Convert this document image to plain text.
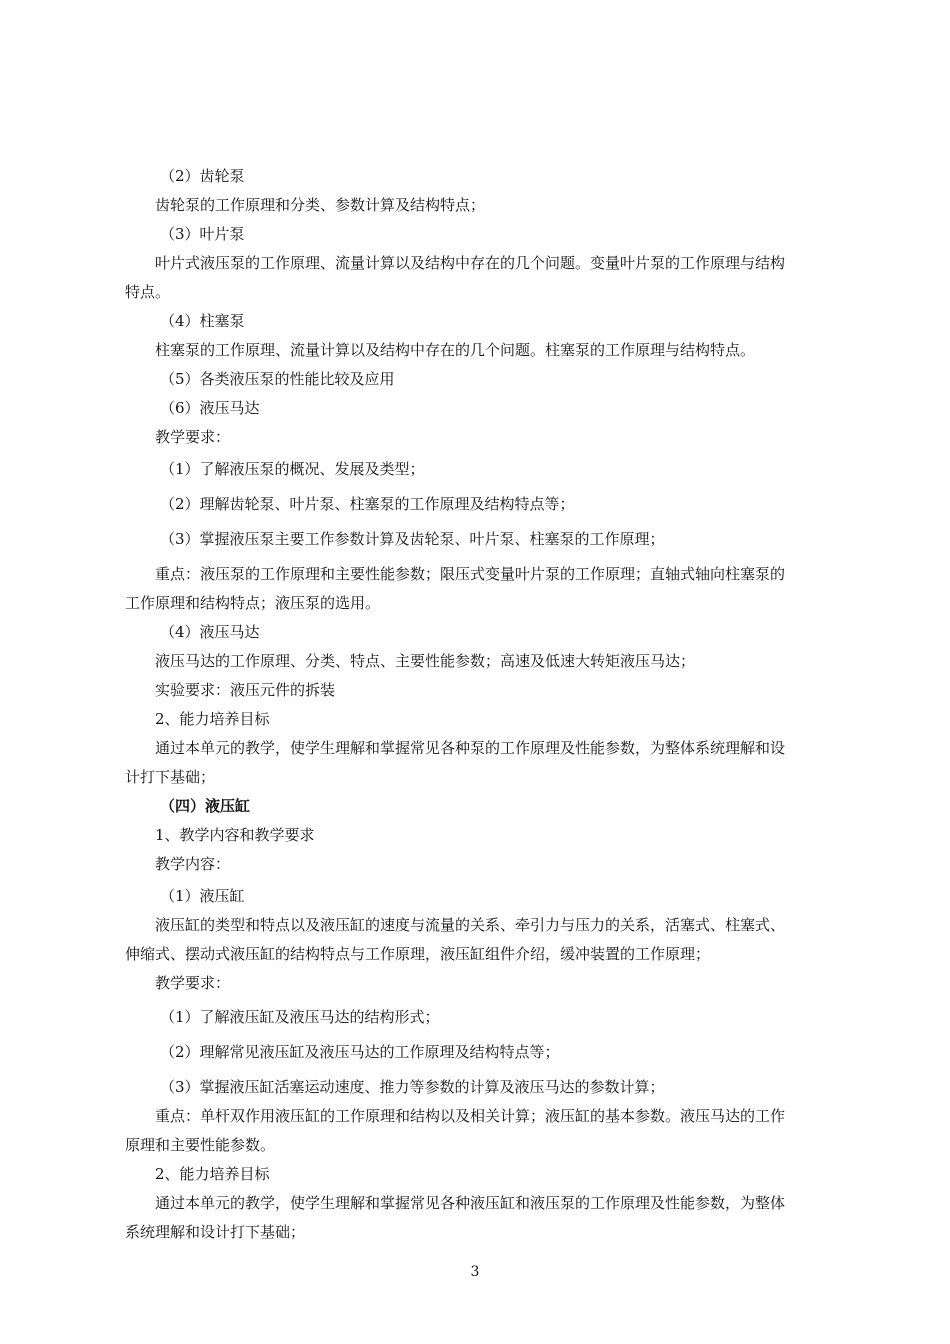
（2）齿轮泵
齿轮泵的工作原理和分类、参数计算及结构特点；
（3）叶片泵
叶片式液压泵的工作原理、流量计算以及结构中存在的几个问题。变量叶片泵的工作原理与结构
特点。
（4）柱塞泵
柱塞泵的工作原理、流量计算以及结构中存在的几个问题。柱塞泵的工作原理与结构特点。
（5）各类液压泵的性能比较及应用
（6）液压马达
教学要求：
（1）了解液压泵的概况、发展及类型；
（2）理解齿轮泵、叶片泵、柱塞泵的工作原理及结构特点等；
（3）掌握液压泵主要工作参数计算及齿轮泵、叶片泵、柱塞泵的工作原理；
重点：液压泵的工作原理和主要性能参数；限压式变量叶片泵的工作原理；直轴式轴向柱塞泵的
工作原理和结构特点；液压泵的选用。
（4）液压马达
液压马达的工作原理、分类、特点、主要性能参数；高速及低速大转矩液压马达；
实验要求：液压元件的拆装
2、能力培养目标
通过本单元的教学，使学生理解和掌握常见各种泵的工作原理及性能参数，为整体系统理解和设
计打下基础；
（四）液压缸
1、教学内容和教学要求
教学内容：
（1）液压缸
液压缸的类型和特点以及液压缸的速度与流量的关系、牵引力与压力的关系，活塞式、柱塞式、
伸缩式、摆动式液压缸的结构特点与工作原理，液压缸组件介绍，缓冲装置的工作原理；
教学要求：
（1）了解液压缸及液压马达的结构形式；
（2）理解常见液压缸及液压马达的工作原理及结构特点等；
（3）掌握液压缸活塞运动速度、推力等参数的计算及液压马达的参数计算；
重点：单杆双作用液压缸的工作原理和结构以及相关计算；液压缸的基本参数。液压马达的工作
原理和主要性能参数。
2、能力培养目标
通过本单元的教学，使学生理解和掌握常见各种液压缸和液压泵的工作原理及性能参数，为整体
系统理解和设计打下基础；
3
